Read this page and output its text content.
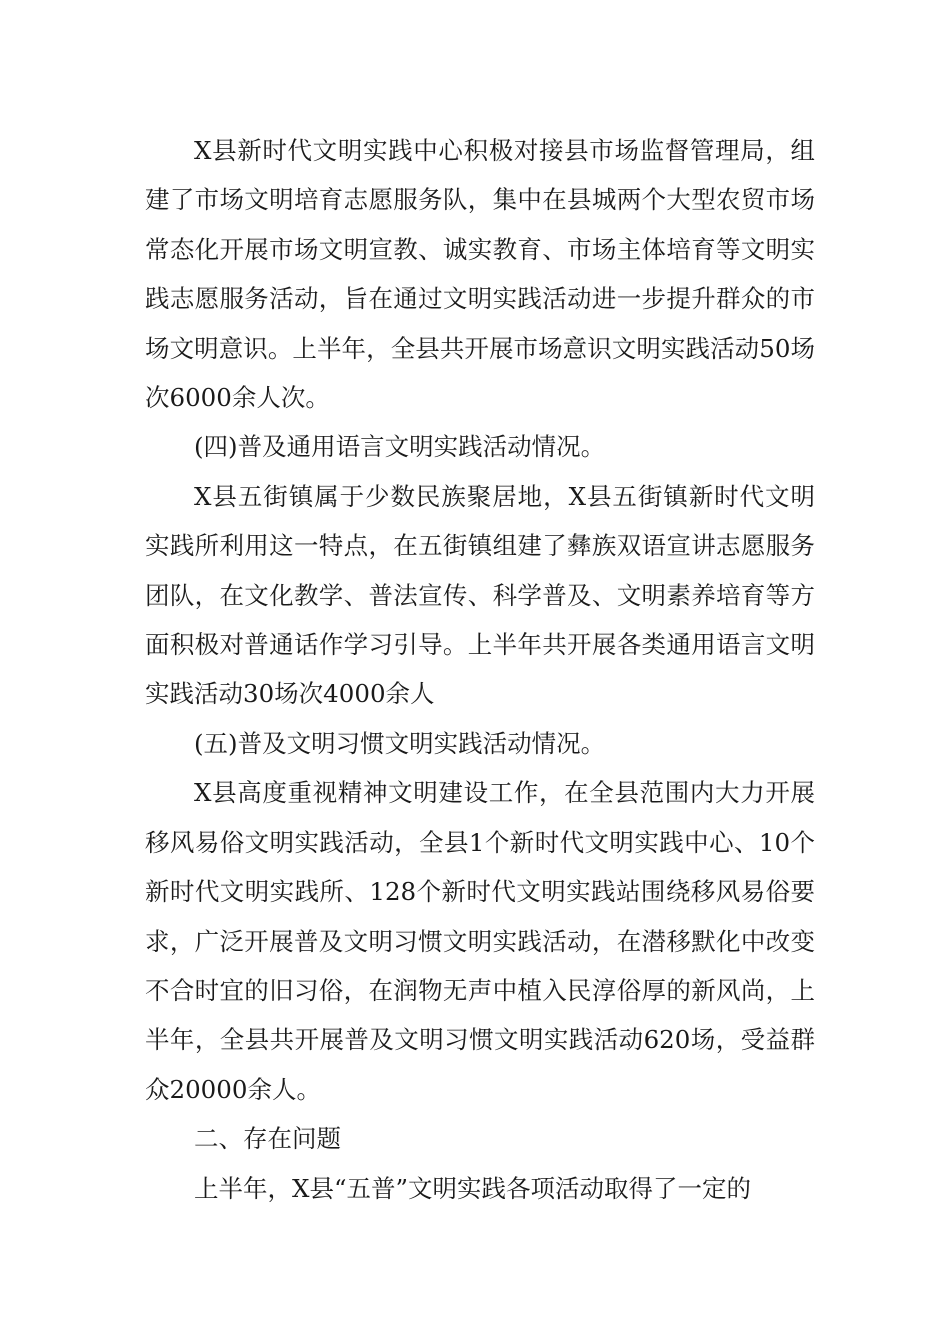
X县新时代文明实践中心积极对接县市场监督管理局，组建了市场文明培育志愿服务队，集中在县城两个大型农贸市场常态化开展市场文明宣教、诚实教育、市场主体培育等文明实践志愿服务活动，旨在通过文明实践活动进一步提升群众的市场文明意识。上半年，全县共开展市场意识文明实践活动50场次6000余人次。

(四)普及通用语言文明实践活动情况。

X县五街镇属于少数民族聚居地，X县五街镇新时代文明实践所利用这一特点，在五街镇组建了彝族双语宣讲志愿服务团队，在文化教学、普法宣传、科学普及、文明素养培育等方面积极对普通话作学习引导。上半年共开展各类通用语言文明实践活动30场次4000余人

(五)普及文明习惯文明实践活动情况。

X县高度重视精神文明建设工作，在全县范围内大力开展移风易俗文明实践活动，全县1个新时代文明实践中心、10个新时代文明实践所、128个新时代文明实践站围绕移风易俗要求，广泛开展普及文明习惯文明实践活动，在潜移默化中改变不合时宜的旧习俗，在润物无声中植入民淳俗厚的新风尚，上半年，全县共开展普及文明习惯文明实践活动620场，受益群众20000余人。

二、存在问题

上半年，X县“五普”文明实践各项活动取得了一定的
